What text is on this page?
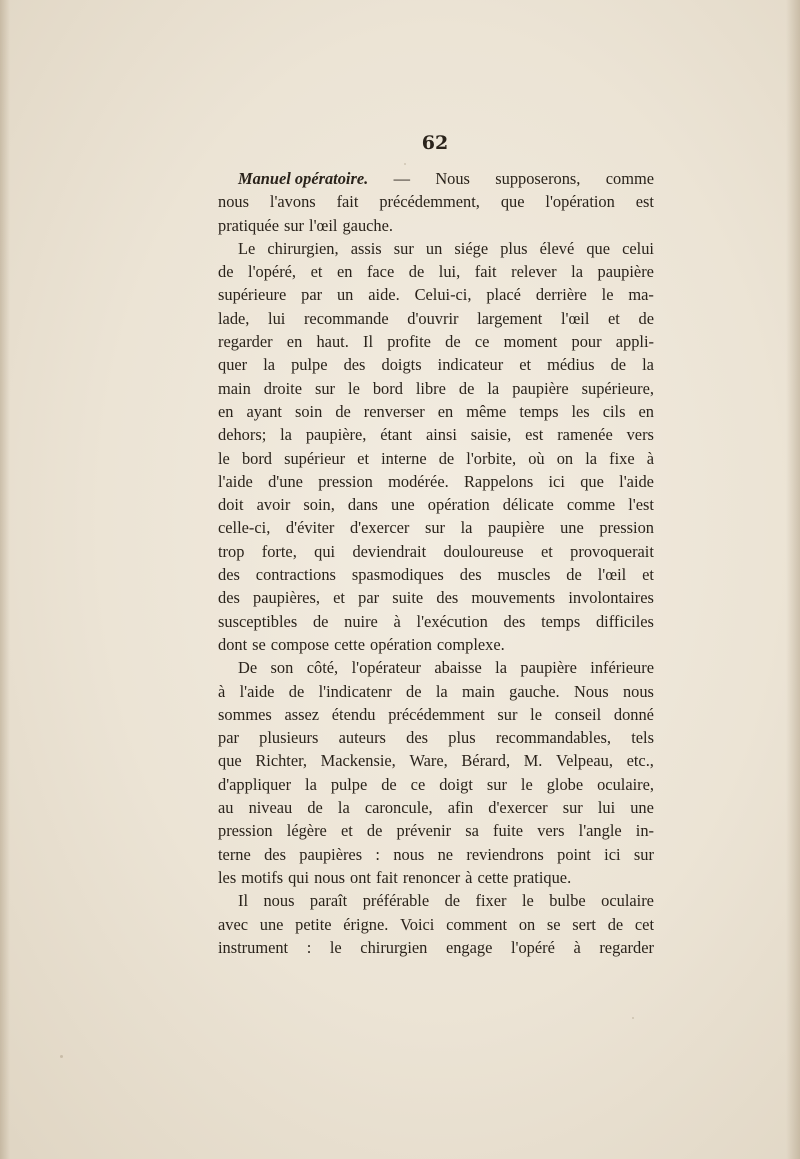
62
Manuel opératoire. — Nous supposerons, comme
nous l'avons fait précédemment, que l'opération est
pratiquée sur l'œil gauche.
Le chirurgien, assis sur un siége plus élevé que celui
de l'opéré, et en face de lui, fait relever la paupière
supérieure par un aide. Celui-ci, placé derrière le ma-
lade, lui recommande d'ouvrir largement l'œil et de
regarder en haut. Il profite de ce moment pour appli-
quer la pulpe des doigts indicateur et médius de la
main droite sur le bord libre de la paupière supérieure,
en ayant soin de renverser en même temps les cils en
dehors; la paupière, étant ainsi saisie, est ramenée vers
le bord supérieur et interne de l'orbite, où on la fixe à
l'aide d'une pression modérée. Rappelons ici que l'aide
doit avoir soin, dans une opération délicate comme l'est
celle-ci, d'éviter d'exercer sur la paupière une pression
trop forte, qui deviendrait douloureuse et provoquerait
des contractions spasmodiques des muscles de l'œil et
des paupières, et par suite des mouvements involontaires
susceptibles de nuire à l'exécution des temps difficiles
dont se compose cette opération complexe.
De son côté, l'opérateur abaisse la paupière inférieure
à l'aide de l'indicatenr de la main gauche. Nous nous
sommes assez étendu précédemment sur le conseil donné
par plusieurs auteurs des plus recommandables, tels
que Richter, Mackensie, Ware, Bérard, M. Velpeau, etc.,
d'appliquer la pulpe de ce doigt sur le globe oculaire,
au niveau de la caroncule, afin d'exercer sur lui une
pression légère et de prévenir sa fuite vers l'angle in-
terne des paupières : nous ne reviendrons point ici sur
les motifs qui nous ont fait renoncer à cette pratique.
Il nous paraît préférable de fixer le bulbe oculaire
avec une petite érigne. Voici comment on se sert de cet
instrument : le chirurgien engage l'opéré à regarder
